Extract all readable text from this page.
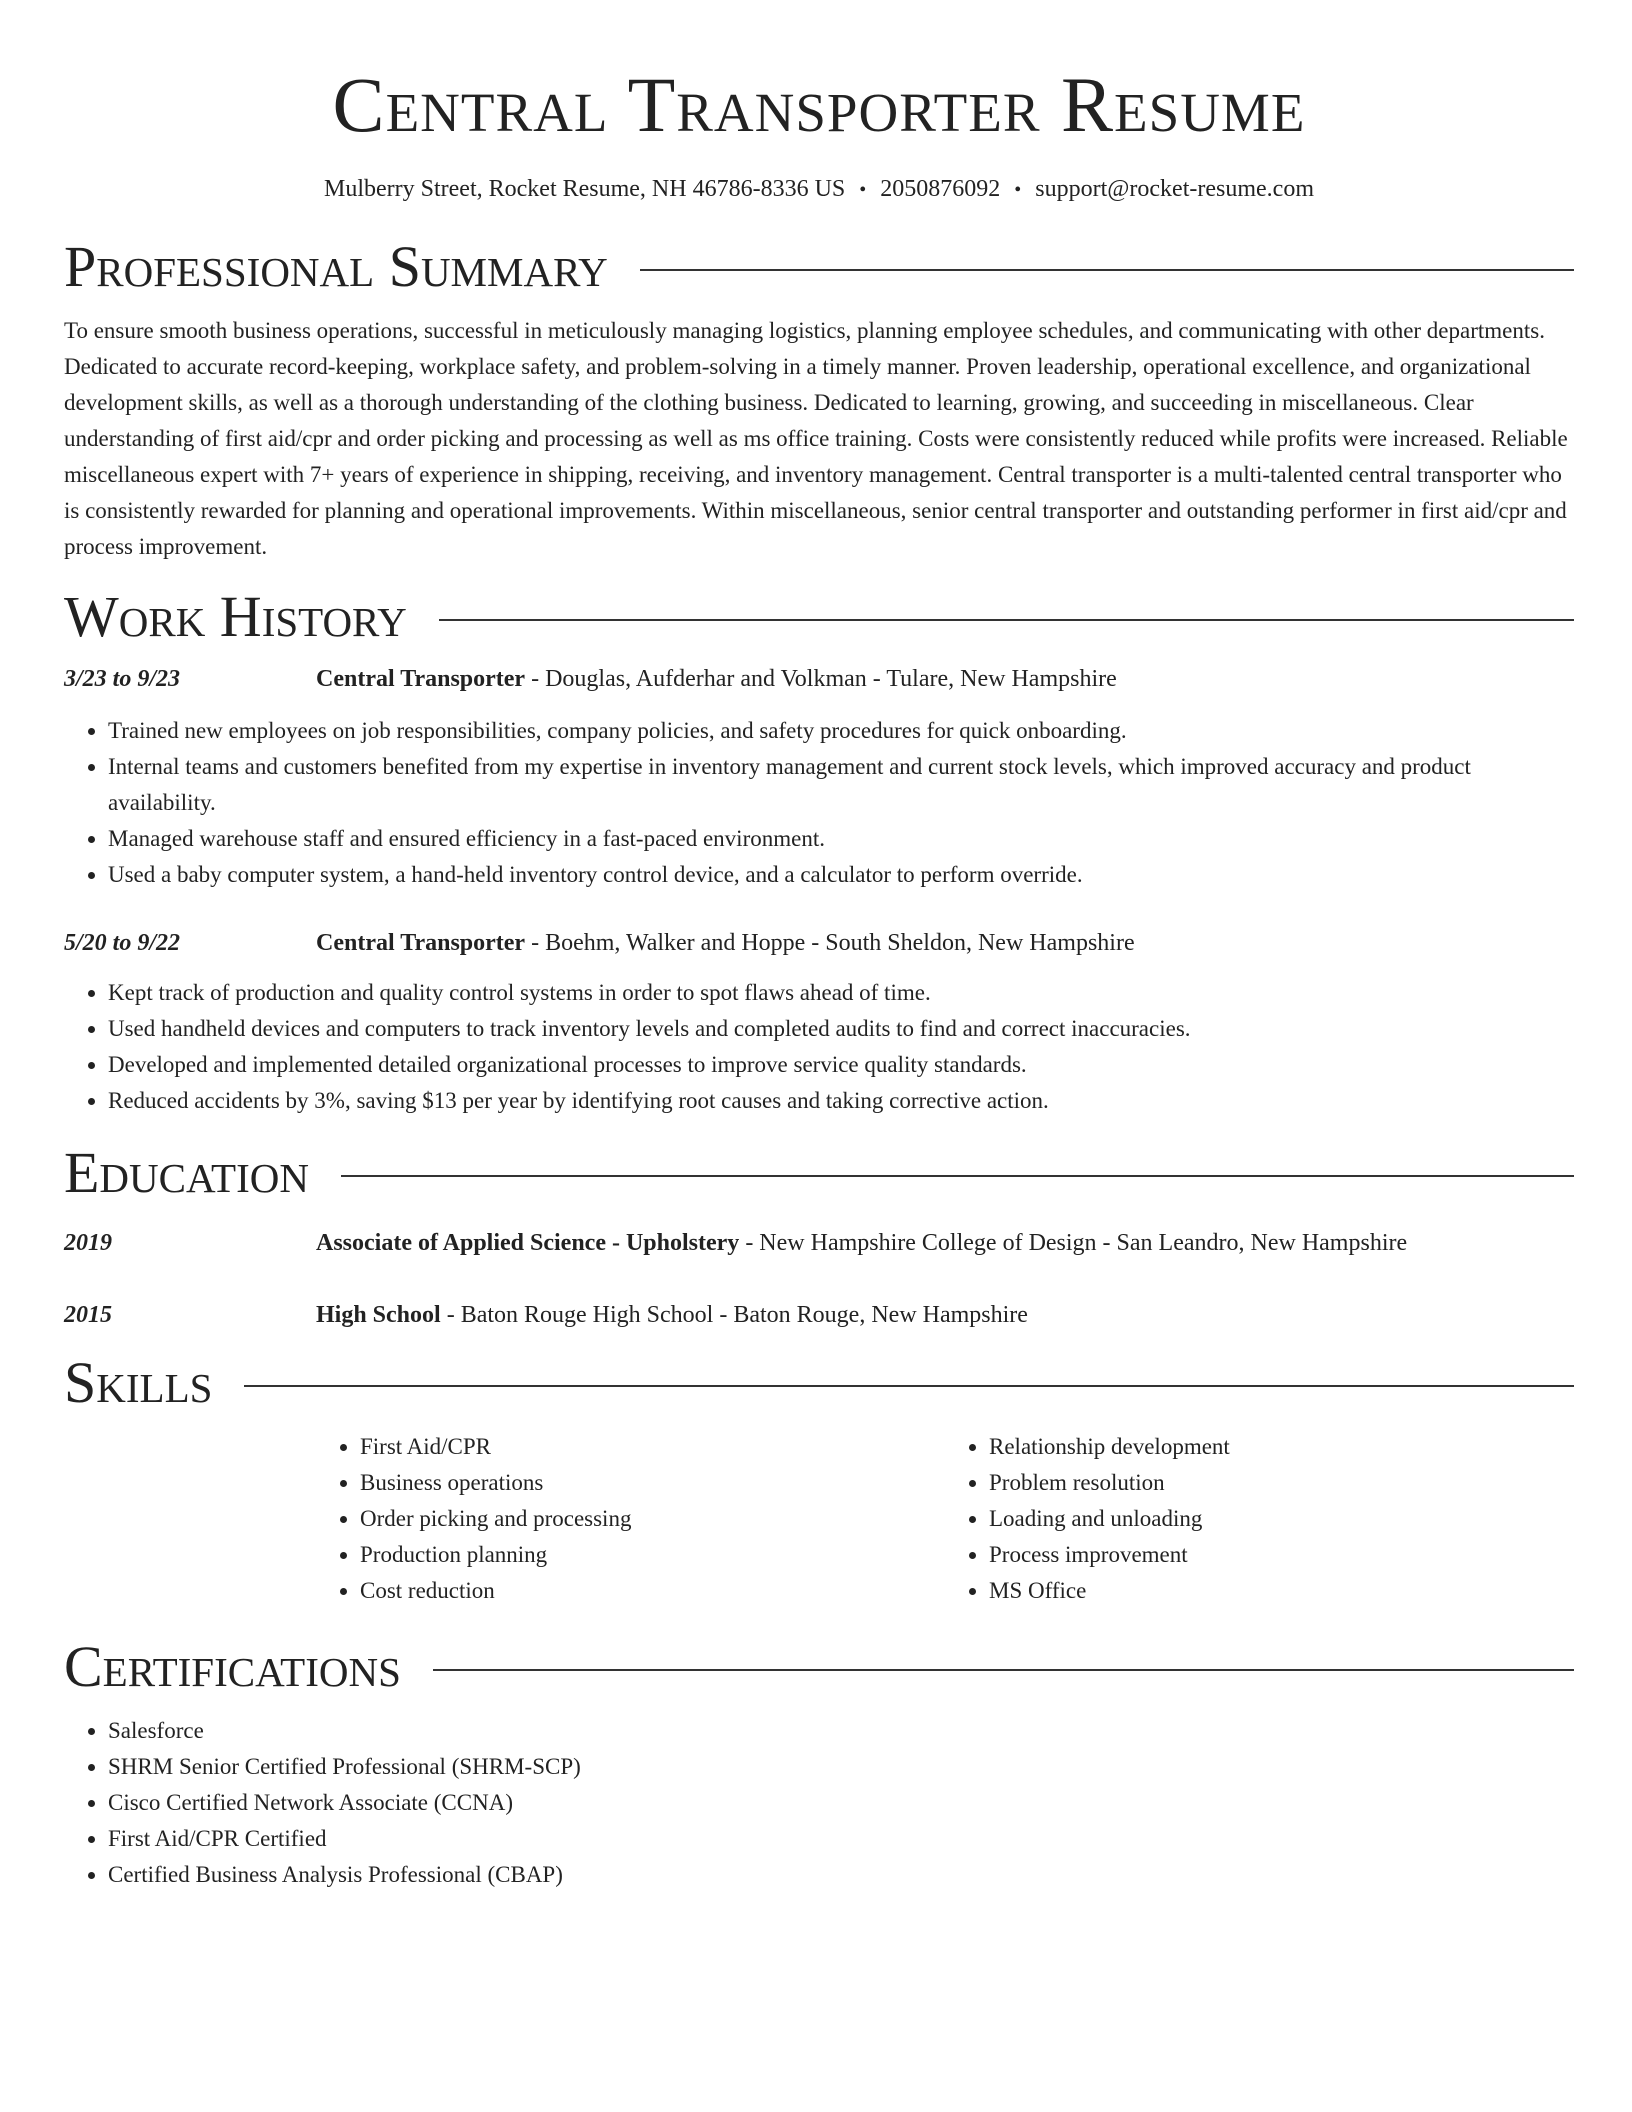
Central Transporter Resume
Mulberry Street, Rocket Resume, NH 46786-8336 US • 2050876092 • support@rocket-resume.com
Professional Summary

To ensure smooth business operations, successful in meticulously managing logistics, planning employee schedules, and communicating with other departments. Dedicated to accurate record-keeping, workplace safety, and problem-solving in a timely manner. Proven leadership, operational excellence, and organizational development skills, as well as a thorough understanding of the clothing business. Dedicated to learning, growing, and succeeding in miscellaneous. Clear understanding of first aid/cpr and order picking and processing as well as ms office training. Costs were consistently reduced while profits were increased. Reliable miscellaneous expert with 7+ years of experience in shipping, receiving, and inventory management. Central transporter is a multi-talented central transporter who is consistently rewarded for planning and operational improvements. Within miscellaneous, senior central transporter and outstanding performer in first aid/cpr and process improvement.

Work History
3/23 to 9/23	Central Transporter - Douglas, Aufderhar and Volkman - Tulare, New Hampshire
• Trained new employees on job responsibilities, company policies, and safety procedures for quick onboarding.
• Internal teams and customers benefited from my expertise in inventory management and current stock levels, which improved accuracy and product availability.
• Managed warehouse staff and ensured efficiency in a fast-paced environment.
• Used a baby computer system, a hand-held inventory control device, and a calculator to perform override.
5/20 to 9/22	Central Transporter - Boehm, Walker and Hoppe - South Sheldon, New Hampshire
• Kept track of production and quality control systems in order to spot flaws ahead of time.
• Used handheld devices and computers to track inventory levels and completed audits to find and correct inaccuracies.
• Developed and implemented detailed organizational processes to improve service quality standards.
• Reduced accidents by 3%, saving $13 per year by identifying root causes and taking corrective action.
Education
2019	Associate of Applied Science - Upholstery - New Hampshire College of Design - San Leandro, New Hampshire
2015	High School - Baton Rouge High School - Baton Rouge, New Hampshire
Skills
• First Aid/CPR
• Business operations
• Order picking and processing
• Production planning
• Cost reduction
• Relationship development
• Problem resolution
• Loading and unloading
• Process improvement
• MS Office
Certifications
• Salesforce
• SHRM Senior Certified Professional (SHRM-SCP)
• Cisco Certified Network Associate (CCNA)
• First Aid/CPR Certified
• Certified Business Analysis Professional (CBAP)
